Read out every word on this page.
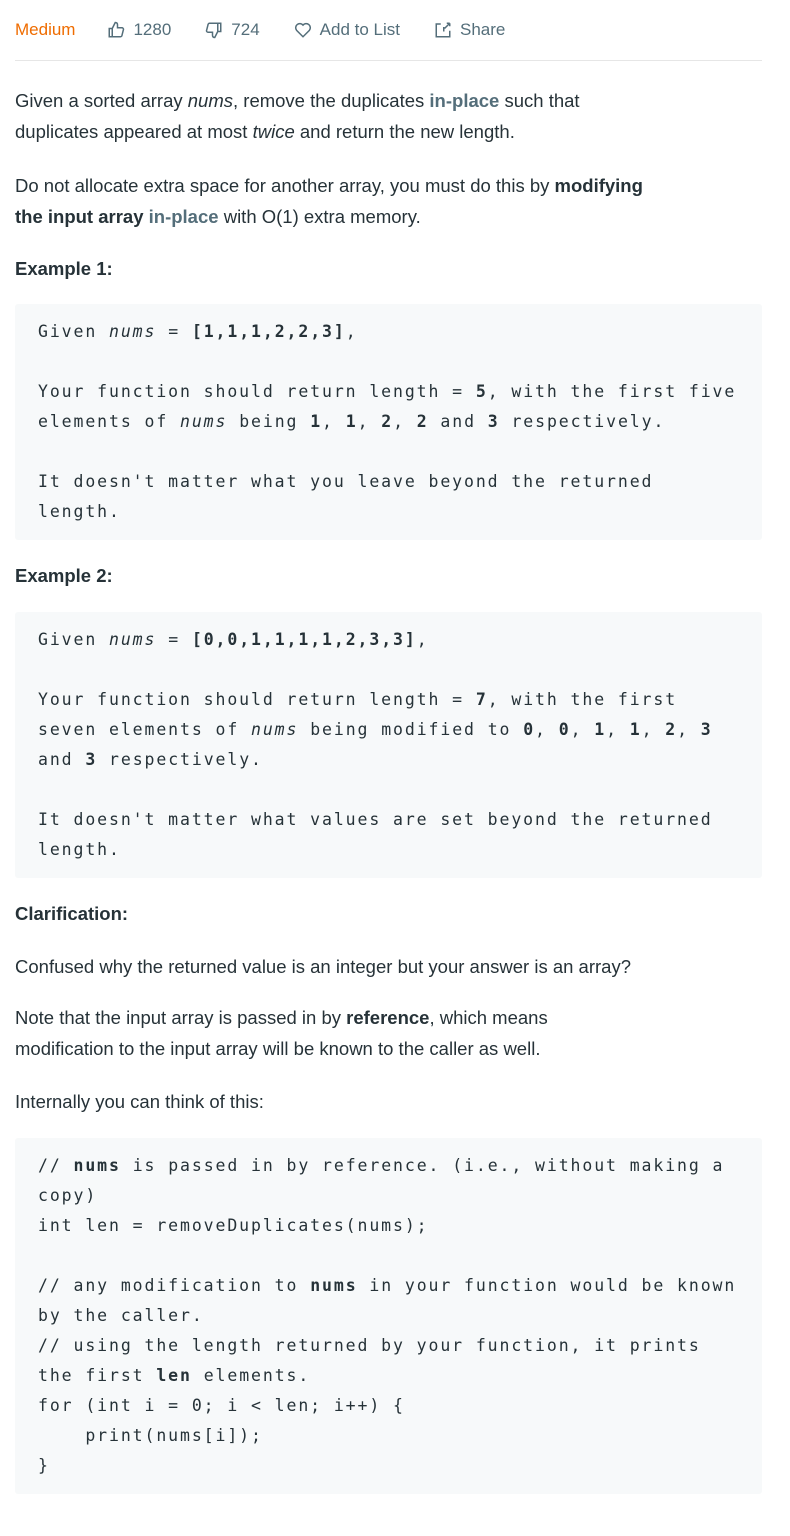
Medium	1280	724	Add to List	Share
Given a sorted array nums, remove the duplicates in-place such that
duplicates appeared at most twice and return the new length.
Do not allocate extra space for another array, you must do this by modifying
the input array in-place with O(1) extra memory.
Example 1:
Given nums = [1,1,1,2,2,3],

Your function should return length = 5, with the first five
elements of nums being 1, 1, 2, 2 and 3 respectively.

It doesn't matter what you leave beyond the returned
length.
Example 2:
Given nums = [0,0,1,1,1,1,2,3,3],

Your function should return length = 7, with the first
seven elements of nums being modified to 0, 0, 1, 1, 2, 3
and 3 respectively.

It doesn't matter what values are set beyond the returned
length.
Clarification:
Confused why the returned value is an integer but your answer is an array?
Note that the input array is passed in by reference, which means
modification to the input array will be known to the caller as well.
Internally you can think of this:
// nums is passed in by reference. (i.e., without making a
copy)
int len = removeDuplicates(nums);

// any modification to nums in your function would be known
by the caller.
// using the length returned by your function, it prints
the first len elements.
for (int i = 0; i < len; i++) {
print(nums[i]);
}
